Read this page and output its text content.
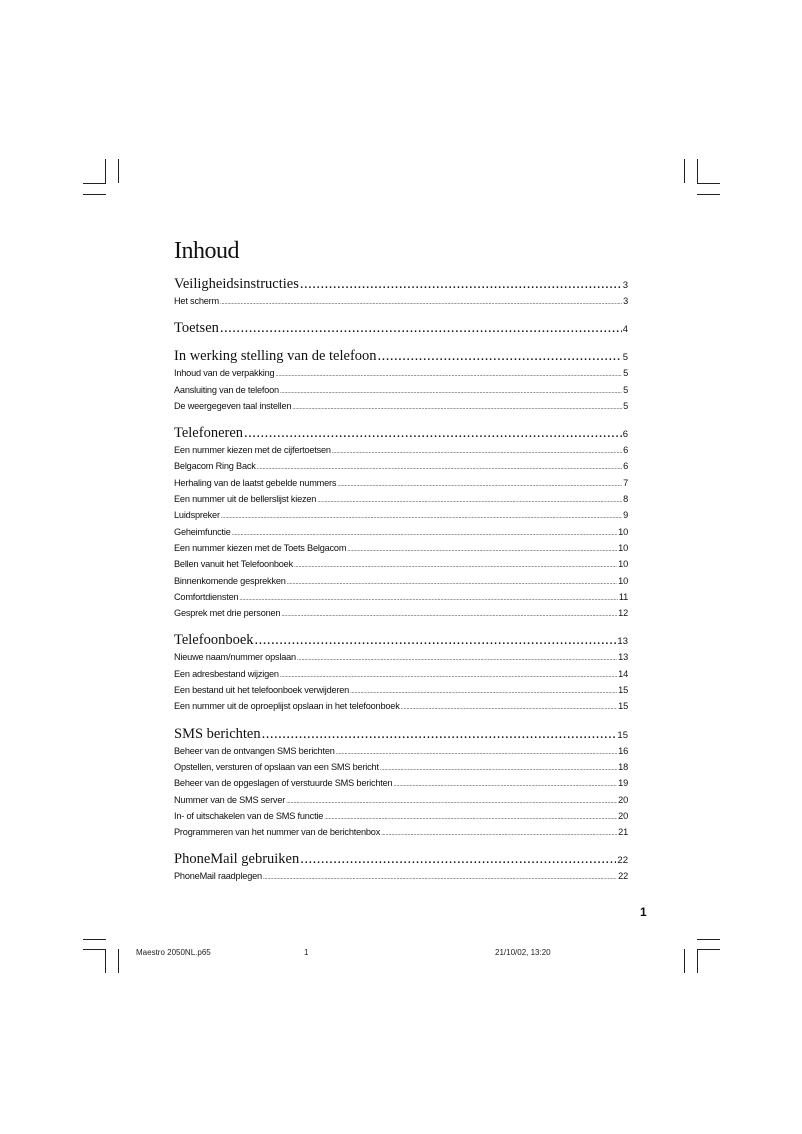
Inhoud
Veiligheidsinstructies .....	3
Het scherm .....	3
Toetsen .....	4
In werking stelling van de telefoon .....	5
Inhoud van de verpakking .....	5
Aansluiting van de telefoon .....	5
De weergegeven taal instellen .....	5
Telefoneren .....	6
Een nummer kiezen met de cijfertoetsen .....	6
Belgacom Ring Back .....	6
Herhaling van de laatst gebelde nummers .....	7
Een nummer uit de bellerslijst kiezen .....	8
Luidspreker .....	9
Geheimfunctie .....	10
Een nummer kiezen met de Toets Belgacom .....	10
Bellen vanuit het Telefoonboek .....	10
Binnenkomende gesprekken .....	10
Comfortdiensten .....	11
Gesprek met drie personen .....	12
Telefoonboek .....	13
Nieuwe naam/nummer opslaan .....	13
Een adresbestand wijzigen .....	14
Een bestand uit het telefoonboek verwijderen .....	15
Een nummer uit de oproeplijst opslaan in het telefoonboek .....	15
SMS berichten .....	15
Beheer van de ontvangen SMS berichten .....	16
Opstellen, versturen of opslaan van een SMS bericht .....	18
Beheer van de opgeslagen of verstuurde SMS berichten .....	19
Nummer van de SMS server .....	20
In- of uitschakelen van de SMS functie .....	20
Programmeren van het nummer van de berichtenbox .....	21
PhoneMail gebruiken .....	22
PhoneMail raadplegen .....	22
1
Maestro 2050NL.p65	1	21/10/02, 13:20
